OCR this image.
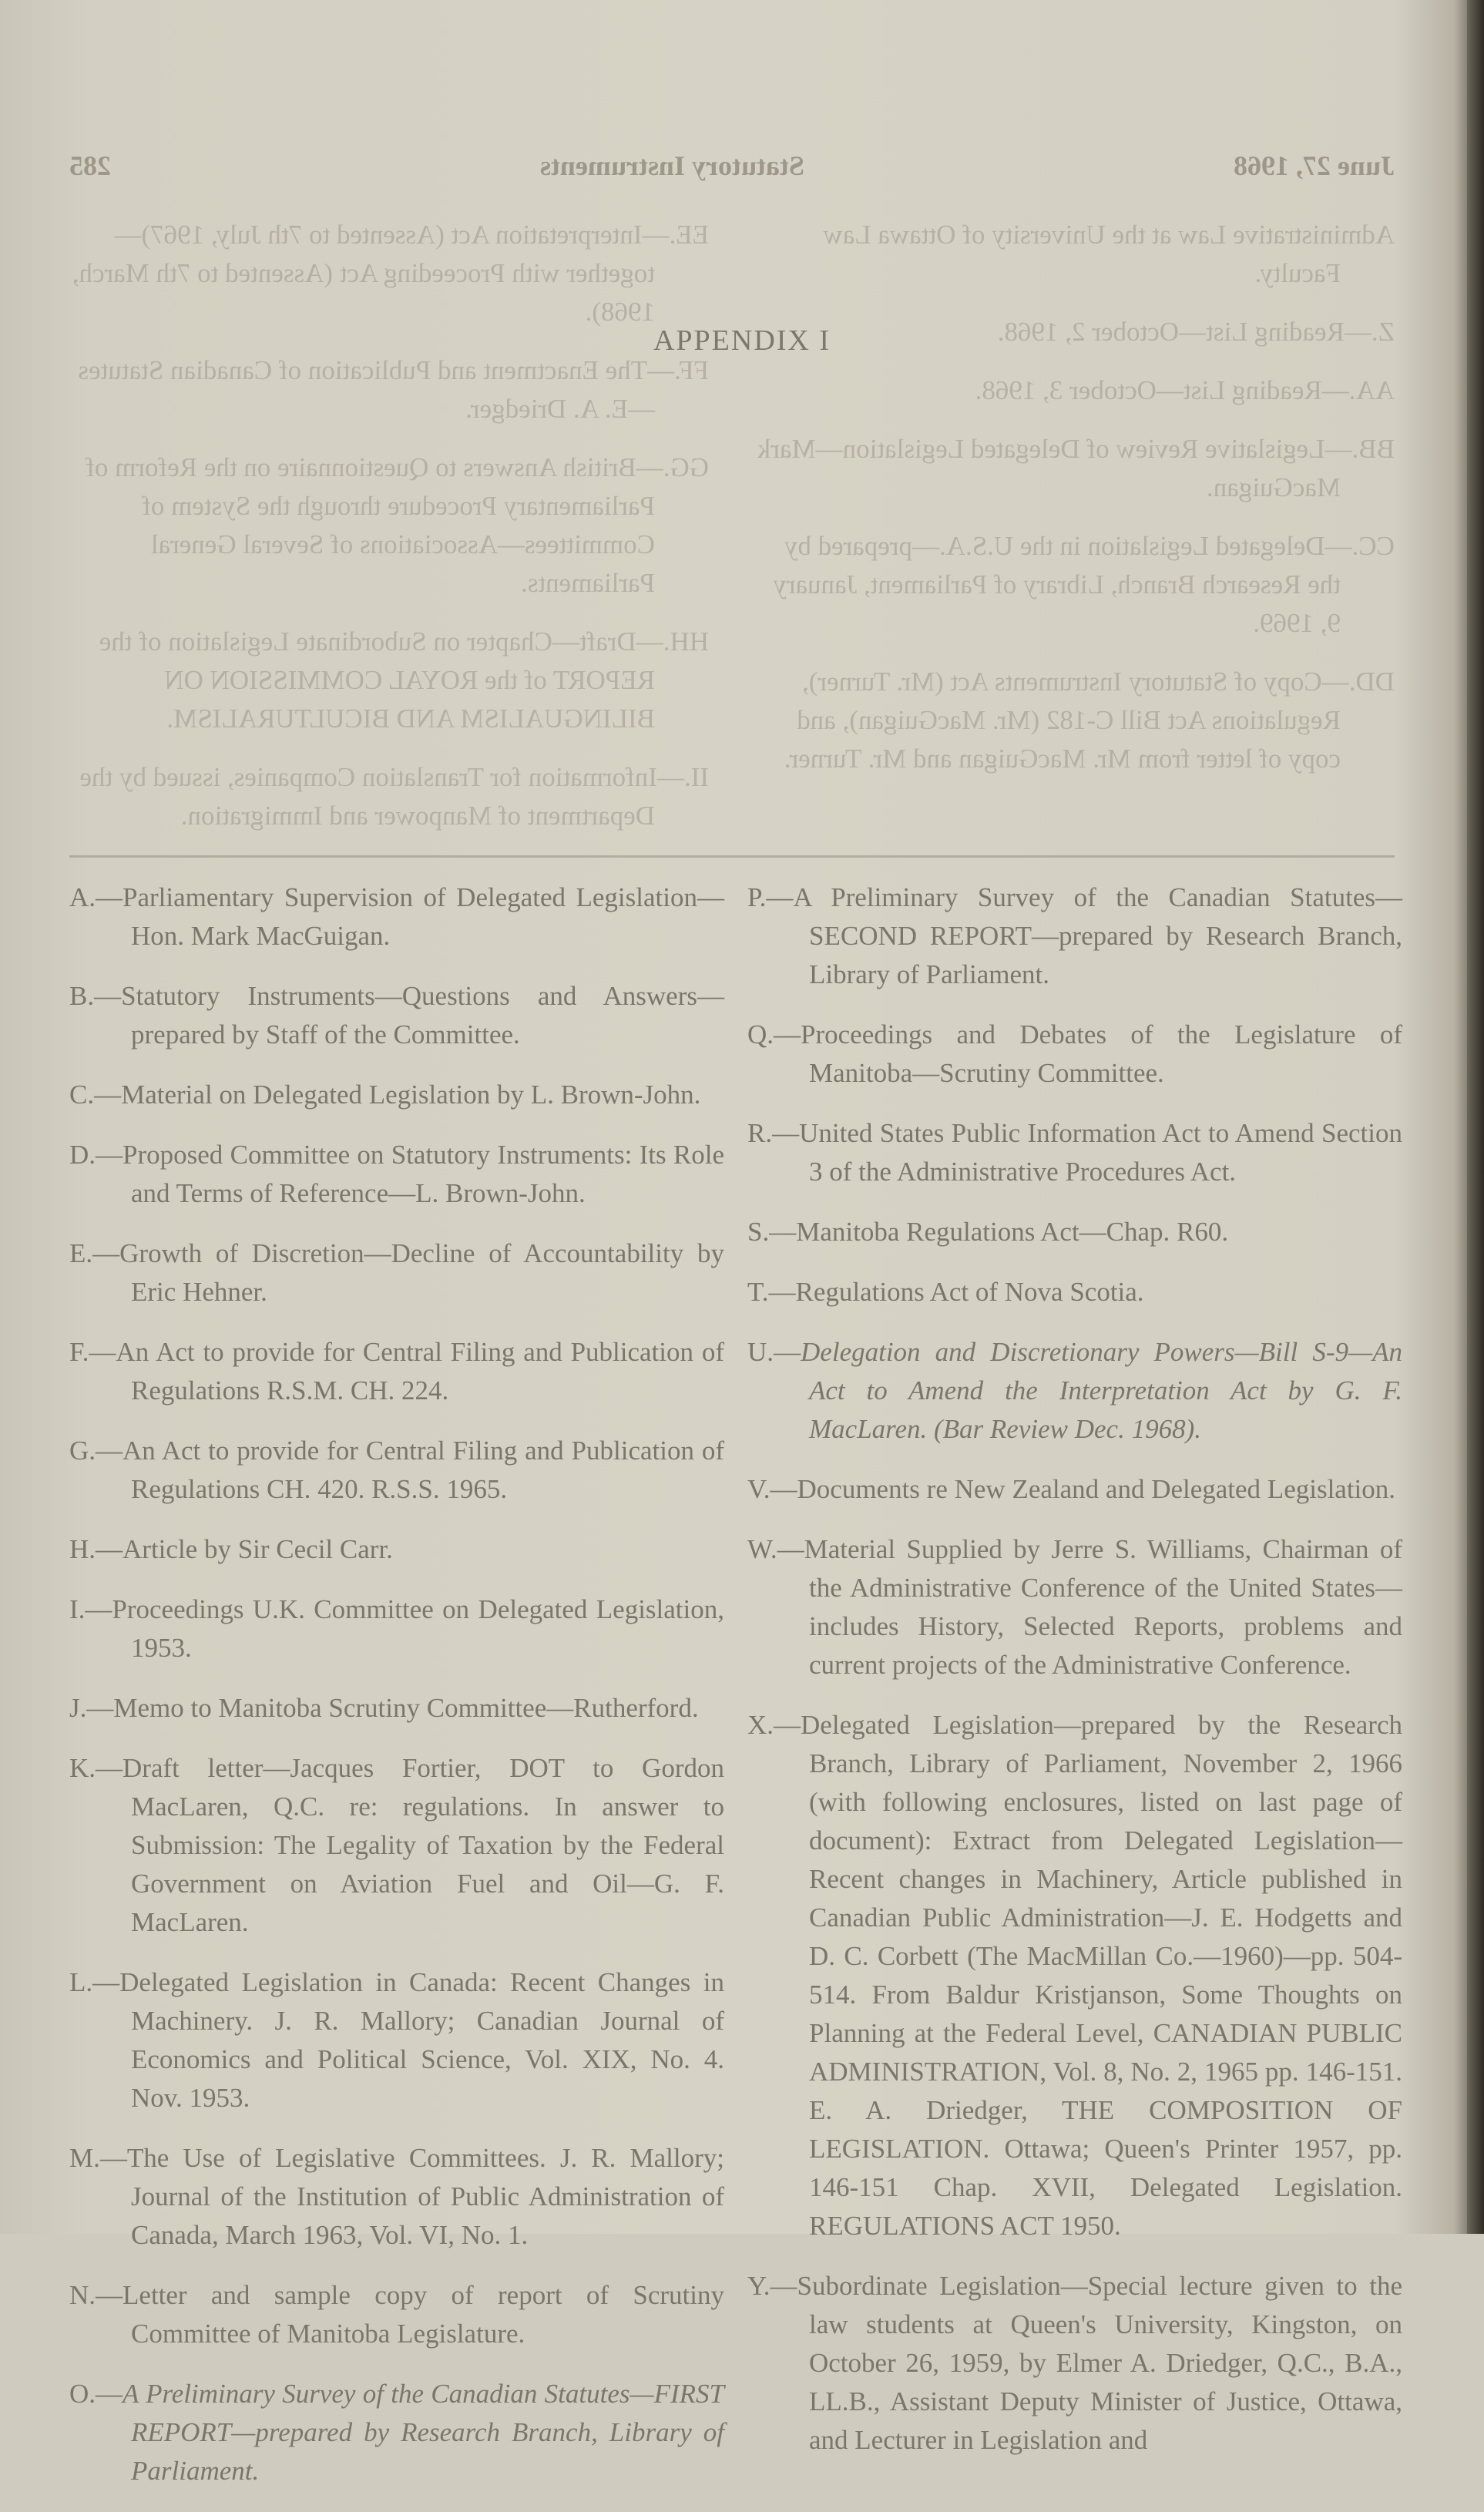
June 27, 1968
Statutory Instruments
285

Administrative Law at the University of Ottawa Law Faculty.

Z.—Reading List—October 2, 1968.

AA.—Reading List—October 3, 1968.

BB.—Legislative Review of Delegated Legislation—Mark MacGuigan.

CC.—Delegated Legislation in the U.S.A.—prepared by the Research Branch, Library of Parliament, January 9, 1969.

DD.—Copy of Statutory Instruments Act (Mr. Turner), Regulations Act Bill C-182 (Mr. MacGuigan), and copy of letter from Mr. MacGuigan and Mr. Turner.

EE.—Interpretation Act (Assented to 7th July, 1967)—together with Proceeding Act (Assented to 7th March, 1968).

FF.—The Enactment and Publication of Canadian Statutes—E. A. Driedger.

GG.—British Answers to Questionnaire on the Reform of Parliamentary Procedure through the System of Committees—Associations of Several General Parliaments.

HH.—Draft—Chapter on Subordinate Legislation of the REPORT of the ROYAL COMMISSION ON BILINGUALISM AND BICULTURALISM.

II.—Information for Translation Companies, issued by the Department of Manpower and Immigration.

APPENDIX I

A.—Parliamentary Supervision of Delegated Legislation—Hon. Mark MacGuigan.

B.—Statutory Instruments—Questions and Answers—prepared by Staff of the Committee.

C.—Material on Delegated Legislation by L. Brown-John.

D.—Proposed Committee on Statutory Instruments: Its Role and Terms of Reference—L. Brown-John.

E.—Growth of Discretion—Decline of Accountability by Eric Hehner.

F.—An Act to provide for Central Filing and Publication of Regulations R.S.M. CH. 224.

G.—An Act to provide for Central Filing and Publication of Regulations CH. 420. R.S.S. 1965.

H.—Article by Sir Cecil Carr.

I.—Proceedings U.K. Committee on Delegated Legislation, 1953.

J.—Memo to Manitoba Scrutiny Committee—Rutherford.

K.—Draft letter—Jacques Fortier, DOT to Gordon MacLaren, Q.C. re: regulations. In answer to Submission: The Legality of Taxation by the Federal Government on Aviation Fuel and Oil—G. F. MacLaren.

L.—Delegated Legislation in Canada: Recent Changes in Machinery. J. R. Mallory; Canadian Journal of Economics and Political Science, Vol. XIX, No. 4. Nov. 1953.

M.—The Use of Legislative Committees. J. R. Mallory; Journal of the Institution of Public Administration of Canada, March 1963, Vol. VI, No. 1.

N.—Letter and sample copy of report of Scrutiny Committee of Manitoba Legislature.

O.—A Preliminary Survey of the Canadian Statutes—FIRST REPORT—prepared by Research Branch, Library of Parliament.

P.—A Preliminary Survey of the Canadian Statutes—SECOND REPORT—prepared by Research Branch, Library of Parliament.

Q.—Proceedings and Debates of the Legislature of Manitoba—Scrutiny Committee.

R.—United States Public Information Act to Amend Section 3 of the Administrative Procedures Act.

S.—Manitoba Regulations Act—Chap. R60.

T.—Regulations Act of Nova Scotia.

U.—Delegation and Discretionary Powers—Bill S-9—An Act to Amend the Interpretation Act by G. F. MacLaren. (Bar Review Dec. 1968).

V.—Documents re New Zealand and Delegated Legislation.

W.—Material Supplied by Jerre S. Williams, Chairman of the Administrative Conference of the United States—includes History, Selected Reports, problems and current projects of the Administrative Conference.

X.—Delegated Legislation—prepared by the Research Branch, Library of Parliament, November 2, 1966 (with following enclosures, listed on last page of document): Extract from Delegated Legislation—Recent changes in Machinery, Article published in Canadian Public Administration—J. E. Hodgetts and D. C. Corbett (The MacMillan Co.—1960)—pp. 504-514. From Baldur Kristjanson, Some Thoughts on Planning at the Federal Level, CANADIAN PUBLIC ADMINISTRATION, Vol. 8, No. 2, 1965 pp. 146-151. E. A. Driedger, THE COMPOSITION OF LEGISLATION. Ottawa; Queen's Printer 1957, pp. 146-151 Chap. XVII, Delegated Legislation. REGULATIONS ACT 1950.

Y.—Subordinate Legislation—Special lecture given to the law students at Queen's University, Kingston, on October 26, 1959, by Elmer A. Driedger, Q.C., B.A., LL.B., Assistant Deputy Minister of Justice, Ottawa, and Lecturer in Legislation and
